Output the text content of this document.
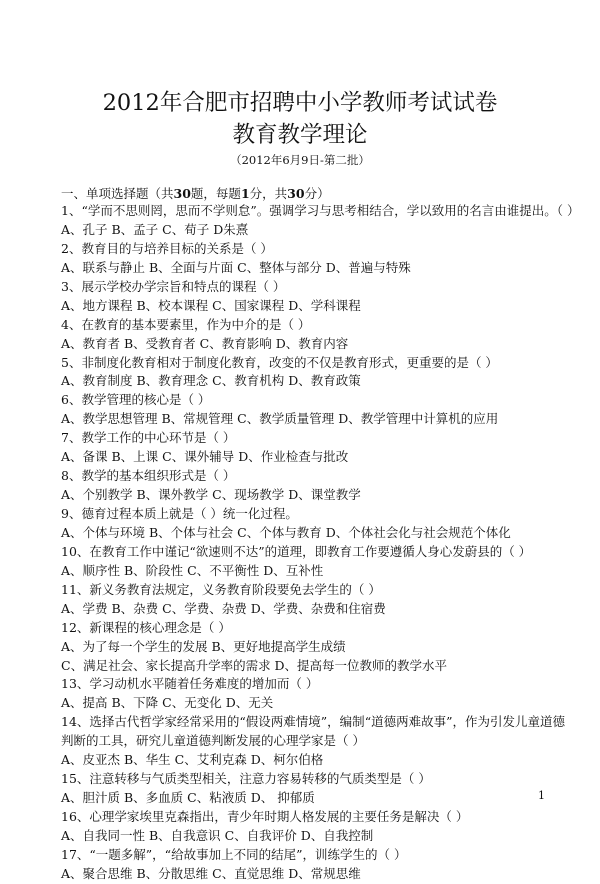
2012年合肥市招聘中小学教师考试试卷
教育教学理论
（2012年6月9日-第二批）
一、单项选择题（共30题，每题1分，共30分）
1、“学而不思则罔，思而不学则怠”。强调学习与思考相结合，学以致用的名言由谁提出。（ ）
A、孔子 B、孟子 C、荀子 D朱熹
2、教育目的与培养目标的关系是（ ）
A、联系与静止 B、全面与片面 C、整体与部分 D、普遍与特殊
3、展示学校办学宗旨和特点的课程（ ）
A、地方课程 B、校本课程 C、国家课程 D、学科课程
4、在教育的基本要素里，作为中介的是（ ）
A、教育者 B、受教育者 C、教育影响 D、教育内容
5、非制度化教育相对于制度化教育，改变的不仅是教育形式，更重要的是（ ）
A、教育制度 B、教育理念 C、教育机构 D、教育政策
6、教学管理的核心是（ ）
A、教学思想管理 B、常规管理 C、教学质量管理 D、教学管理中计算机的应用
7、教学工作的中心环节是（ ）
A、备课 B、上课 C、课外辅导 D、作业检查与批改
8、教学的基本组织形式是（ ）
A、个别教学 B、课外教学 C、现场教学 D、课堂教学
9、德育过程本质上就是（ ）统一化过程。
A、个体与环境 B、个体与社会 C、个体与教育 D、个体社会化与社会规范个体化
10、在教育工作中谨记“欲速则不达”的道理，即教育工作要遵循人身心发蔚县的（ ）
A、顺序性 B、阶段性 C、不平衡性 D、互补性
11、新义务教育法规定，义务教育阶段要免去学生的（ ）
A、学费 B、杂费 C、学费、杂费 D、学费、杂费和住宿费
12、新课程的核心理念是（ ）
A、为了每一个学生的发展 B、更好地提高学生成绩
C、满足社会、家长提高升学率的需求 D、提高每一位教师的教学水平
13、学习动机水平随着任务难度的增加而（ ）
A、提高 B、下降 C、无变化 D、无关
14、选择古代哲学家经常采用的“假设两难情境”，编制“道德两难故事”，作为引发儿童道德
判断的工具，研究儿童道德判断发展的心理学家是（ ）
A、皮亚杰 B、华生 C、艾利克森 D、柯尔伯格
15、注意转移与气质类型相关，注意力容易转移的气质类型是（ ）
A、胆汁质 B、多血质 C、粘液质 D、 抑郁质
16、心理学家埃里克森指出，青少年时期人格发展的主要任务是解决（ ）
A、自我同一性 B、自我意识 C、自我评价 D、自我控制
17、“一题多解”，“给故事加上不同的结尾”，训练学生的（ ）
A、聚合思维 B、分散思维 C、直觉思维 D、常规思维
1
